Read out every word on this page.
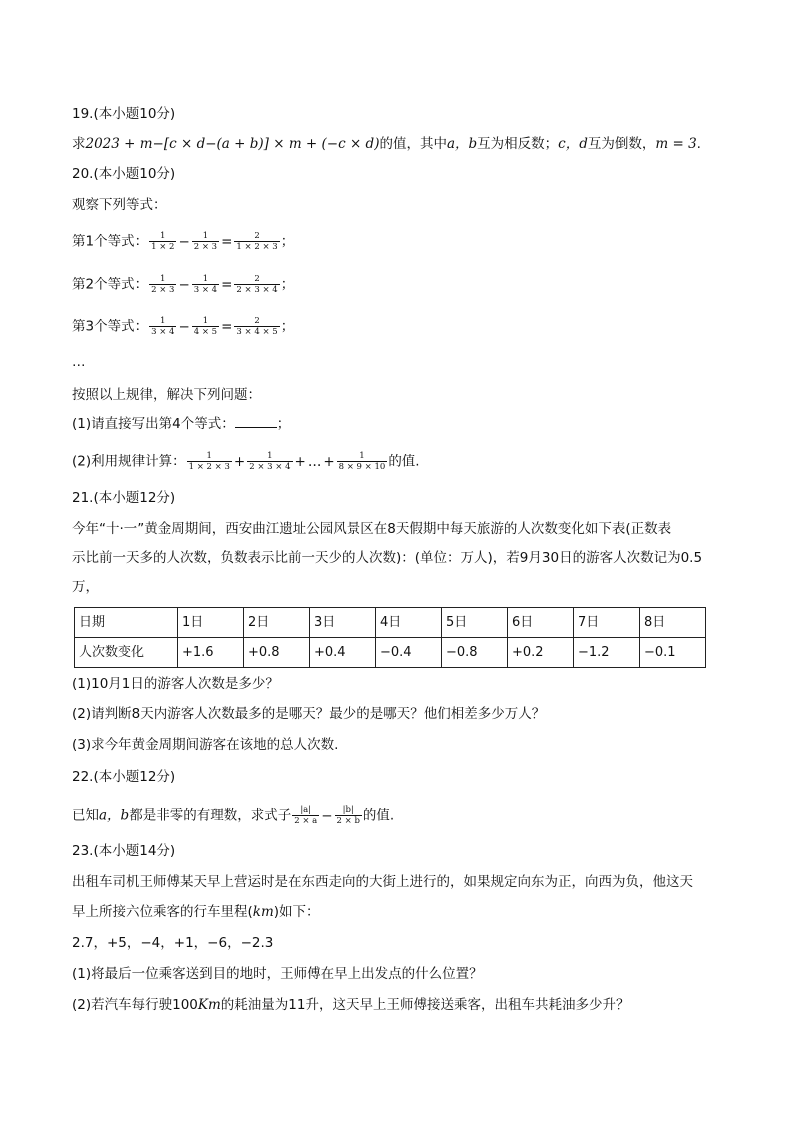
19.(本小题10分)
求2023 + m−[c × d−(a + b)] × m + (−c × d)的值，其中a，b互为相反数；c，d互为倒数，m = 3.
20.(本小题10分)
观察下列等式：
第1个等式： $\frac{1}{1 \times 2} - \frac{1}{2 \times 3} = \frac{2}{1 \times 2 \times 3}$ ；
第2个等式： $\frac{1}{2 \times 3} - \frac{1}{3 \times 4} = \frac{2}{2 \times 3 \times 4}$ ；
第3个等式： $\frac{1}{3 \times 4} - \frac{1}{4 \times 5} = \frac{2}{3 \times 4 \times 5}$ ；
…
按照以上规律，解决下列问题：
(1)请直接写出第4个等式：	；
(2)利用规律计算： $\frac{1}{1 \times 2 \times 3} + \frac{1}{2 \times 3 \times 4}$ + … + $\frac{1}{8 \times 9 \times 10}$ 的值.
21.(本小题12分)
今年“十·一”黄金周期间，西安曲江遗址公园风景区在8天假期中每天旅游的人次数变化如下表(正数表
示比前一天多的人次数，负数表示比前一天少的人次数)：(单位：万人)，若9月30日的游客人次数记为0.5
万，
日期	1日	2日	3日	4日	5日	6日	7日	8日
人次数变化	+1.6	+0.8	+0.4	−0.4	−0.8	+0.2	−1.2	−0.1
(1)10月1日的游客人次数是多少？
(2)请判断8天内游客人次数最多的是哪天？最少的是哪天？他们相差多少万人？
(3)求今年黄金周期间游客在该地的总人次数.
22.(本小题12分)
已知a，b都是非零的有理数，求式子 $\frac{|a|}{2 \times a} - \frac{|b|}{2 \times b}$ 的值.
23.(本小题14分)
出租车司机王师傅某天早上营运时是在东西走向的大街上进行的，如果规定向东为正，向西为负，他这天
早上所接六位乘客的行车里程(km)如下：
2.7，+5，−4，+1，−6，−2.3
(1)将最后一位乘客送到目的地时，王师傅在早上出发点的什么位置？
(2)若汽车每行驶100Km的耗油量为11升，这天早上王师傅接送乘客，出租车共耗油多少升？
